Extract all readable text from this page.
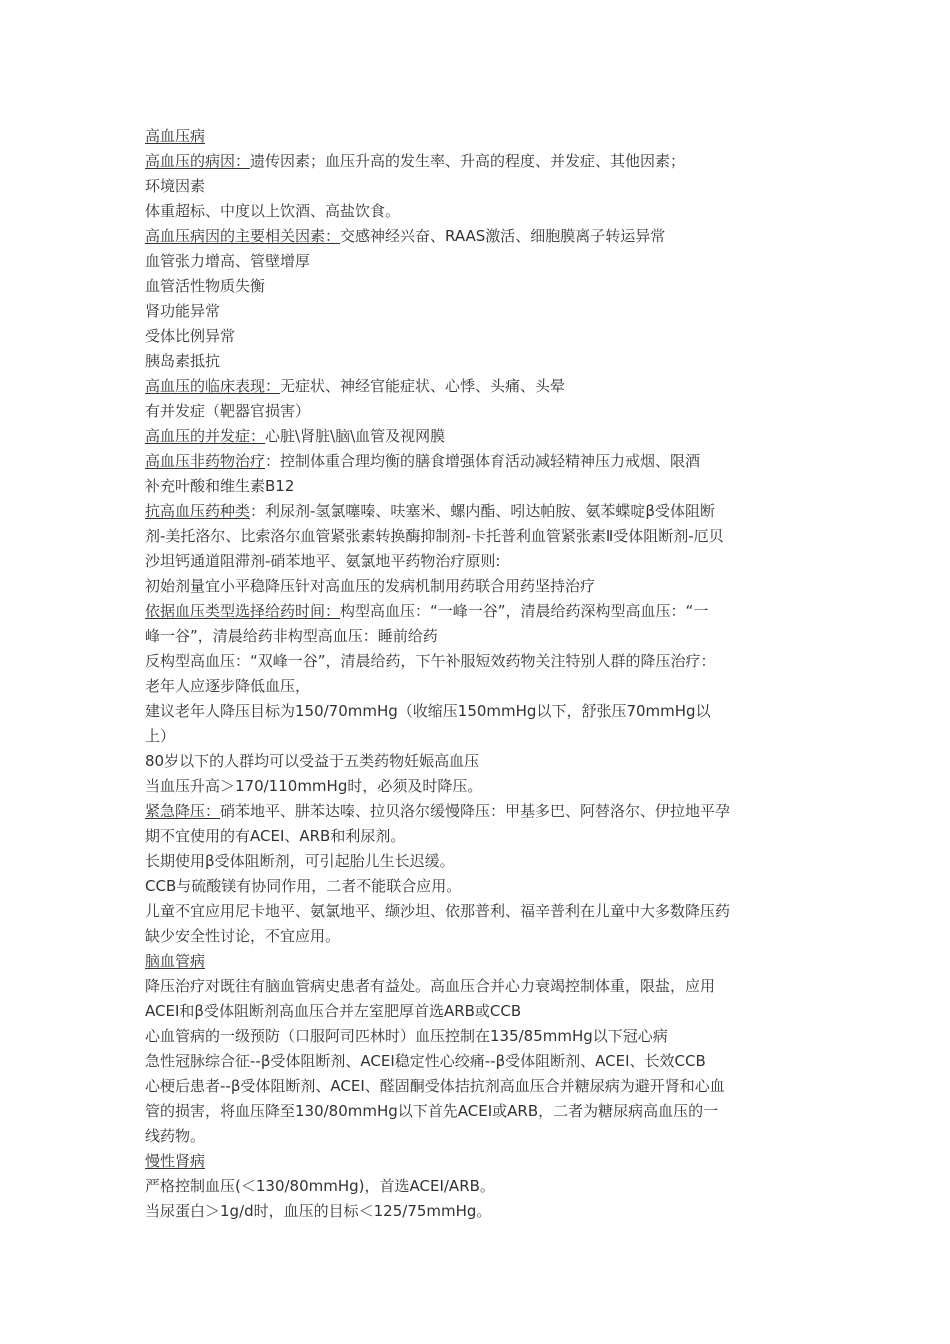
高血压病
高血压的病因：遗传因素；血压升高的发生率、升高的程度、并发症、其他因素；
环境因素
体重超标、中度以上饮酒、高盐饮食。
高血压病因的主要相关因素：交感神经兴奋、RAAS激活、细胞膜离子转运异常
血管张力增高、管壁增厚
血管活性物质失衡
肾功能异常
受体比例异常
胰岛素抵抗
高血压的临床表现：无症状、神经官能症状、心悸、头痛、头晕
有并发症（靶器官损害）
高血压的并发症：心脏\肾脏\脑\血管及视网膜
高血压非药物治疗：控制体重合理均衡的膳食增强体育活动减轻精神压力戒烟、限酒
补充叶酸和维生素B12
抗高血压药种类：利尿剂-氢氯噻嗪、呋塞米、螺内酯、吲达帕胺、氨苯蝶啶β受体阻断
剂-美托洛尔、比索洛尔血管紧张素转换酶抑制剂-卡托普利血管紧张素Ⅱ受体阻断剂-厄贝
沙坦钙通道阻滞剂-硝苯地平、氨氯地平药物治疗原则:
初始剂量宜小平稳降压针对高血压的发病机制用药联合用药坚持治疗
依据血压类型选择给药时间：构型高血压：“一峰一谷”，清晨给药深构型高血压：“一
峰一谷”，清晨给药非构型高血压：睡前给药
反构型高血压：“双峰一谷”，清晨给药，下午补服短效药物关注特别人群的降压治疗：
老年人应逐步降低血压，
建议老年人降压目标为150/70mmHg（收缩压150mmHg以下，舒张压70mmHg以
上）
80岁以下的人群均可以受益于五类药物妊娠高血压
当血压升高＞170/110mmHg时，必须及时降压。
紧急降压：硝苯地平、肼苯达嗪、拉贝洛尔缓慢降压：甲基多巴、阿替洛尔、伊拉地平孕
期不宜使用的有ACEI、ARB和利尿剂。
长期使用β受体阻断剂，可引起胎儿生长迟缓。
CCB与硫酸镁有协同作用，二者不能联合应用。
儿童不宜应用尼卡地平、氨氯地平、缬沙坦、依那普利、福辛普利在儿童中大多数降压药
缺少安全性讨论，不宜应用。
脑血管病
降压治疗对既往有脑血管病史患者有益处。高血压合并心力衰竭控制体重，限盐，应用
ACEI和β受体阻断剂高血压合并左室肥厚首选ARB或CCB
心血管病的一级预防（口服阿司匹林时）血压控制在135/85mmHg以下冠心病
急性冠脉综合征--β受体阻断剂、ACEI稳定性心绞痛--β受体阻断剂、ACEI、长效CCB
心梗后患者--β受体阻断剂、ACEI、醛固酮受体拮抗剂高血压合并糖尿病为避开肾和心血
管的损害，将血压降至130/80mmHg以下首先ACEI或ARB，二者为糖尿病高血压的一
线药物。
慢性肾病
严格控制血压(＜130/80mmHg)，首选ACEI/ARB。
当尿蛋白＞1g/d时，血压的目标＜125/75mmHg。
